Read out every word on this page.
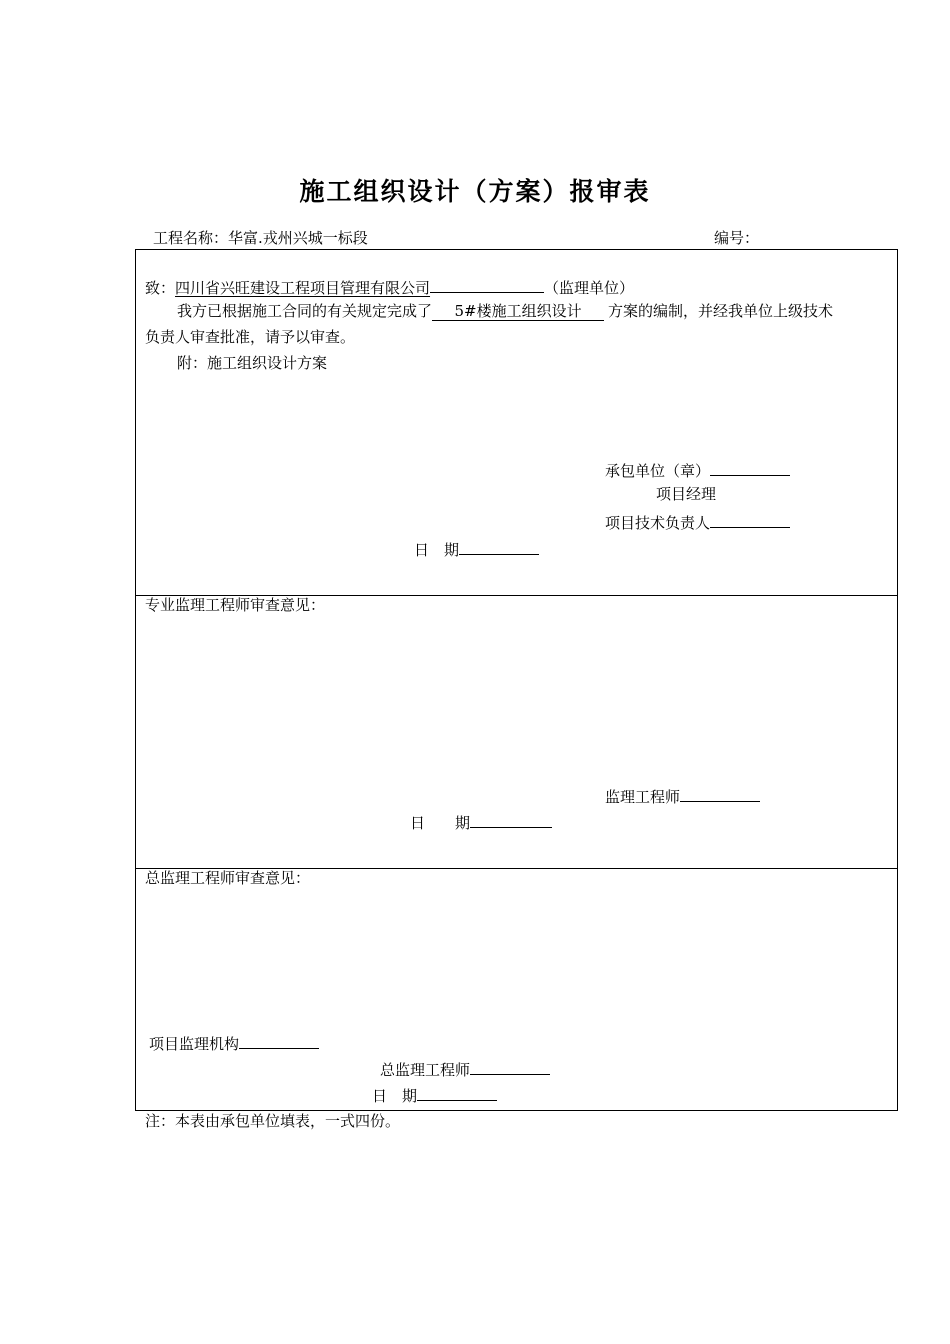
施工组织设计（方案）报审表
工程名称：华富.戎州兴城一标段	编号：
致：四川省兴旺建设工程项目管理有限公司	（监理单位）
我方已根据施工合同的有关规定完成了 5#楼施工组织设计 方案的编制，并经我单位上级技术
负责人审查批准，请予以审查。
附：施工组织设计方案
承包单位（章）
项目经理
项目技术负责人
日　期
专业监理工程师审查意见：
监理工程师
日　　期
总监理工程师审查意见：
项目监理机构
总监理工程师
日　期
注：本表由承包单位填表，一式四份。
